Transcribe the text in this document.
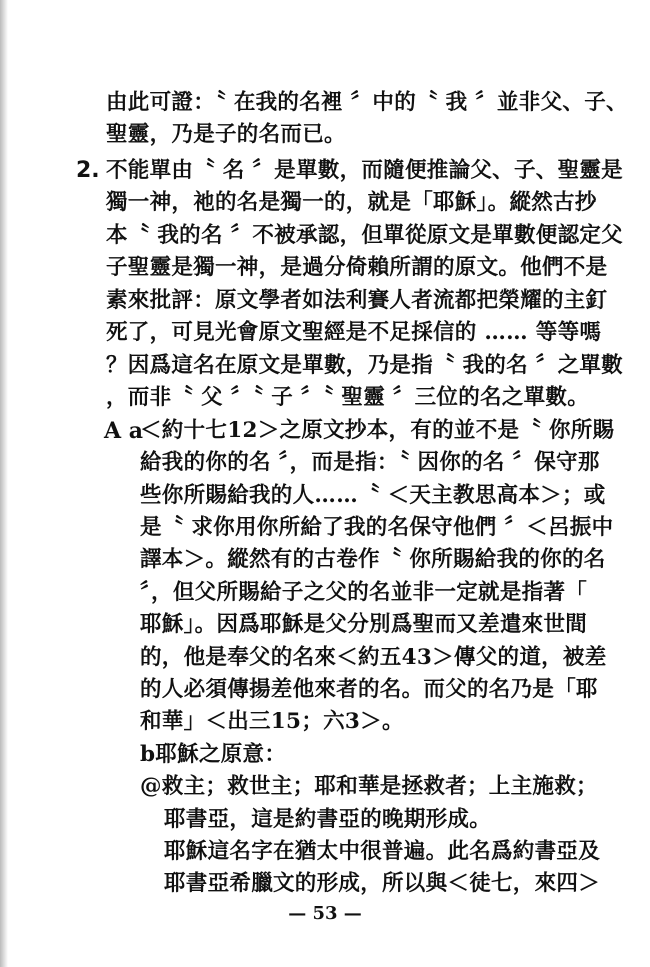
由此可證：〝 在我的名裡 〞中的〝 我 〞並非父、子、
聖靈，乃是子的名而已。
2. 不能單由〝 名 〞是單數，而隨便推論父、子、聖靈是
獨一神，祂的名是獨一的，就是「耶穌」。縱然古抄
本〝 我的名 〞不被承認，但單從原文是單數便認定父
子聖靈是獨一神，是過分倚賴所謂的原文。他們不是
素來批評：原文學者如法利賽人者流都把榮耀的主釘
死了，可見光會原文聖經是不足採信的 …… 等等嗎
？因爲這名在原文是單數，乃是指〝 我的名 〞之單數
，而非〝 父 〞〝 子 〞〝 聖靈 〞三位的名之單數。
A a
＜約十七12＞之原文抄本，有的並不是〝 你所賜
給我的你的名 〞，而是指：〝 因你的名 〞保守那
些你所賜給我的人……〝 ＜天主教思高本＞；或
是〝 求你用你所給了我的名保守他們 〞＜呂振中
譯本＞。縱然有的古卷作〝 你所賜給我的你的名
〞，但父所賜給子之父的名並非一定就是指著「
耶穌」。因爲耶穌是父分別爲聖而又差遣來世間
的，他是奉父的名來＜約五43＞傳父的道，被差
的人必須傳揚差他來者的名。而父的名乃是「耶
和華」＜出三15；六3＞。
b耶穌之原意：
@救主；救世主；耶和華是拯救者；上主施救；
耶書亞，這是約書亞的晚期形成。
耶穌這名字在猶太中很普遍。此名爲約書亞及
耶書亞希臘文的形成，所以與＜徒七，來四＞
— 53 —
